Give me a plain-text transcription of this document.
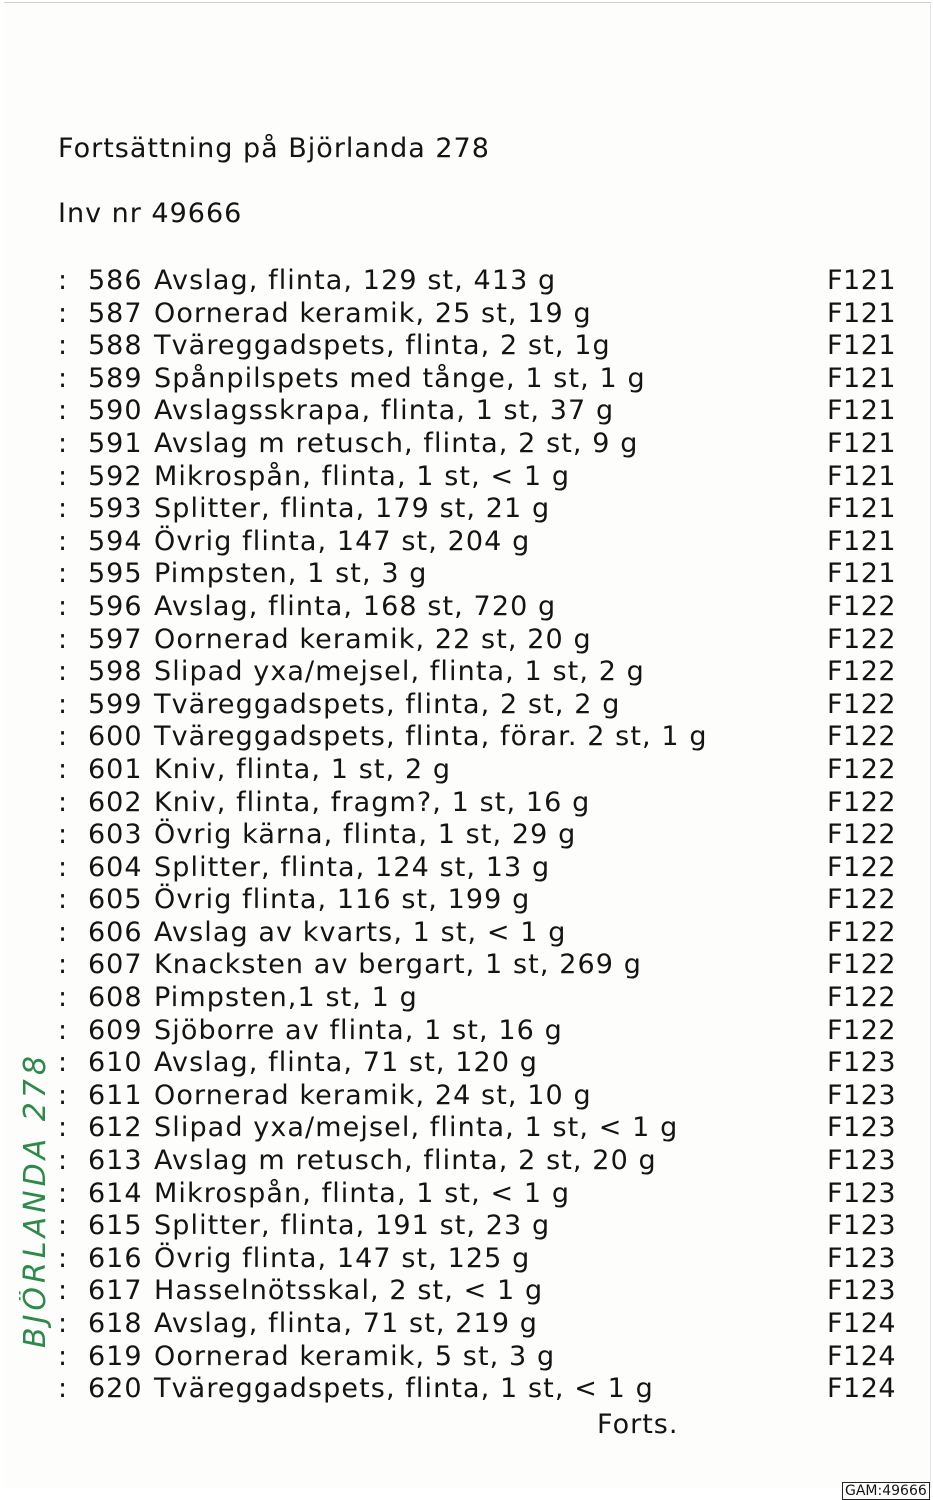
Fortsättning på Björlanda 278
Inv nr 49666
: 586 Avslag, flinta, 129 st, 413 g	F121
: 587 Oornerad keramik, 25 st, 19 g	F121
: 588 Tväreggadspets, flinta, 2 st, 1g	F121
: 589 Spånpilspets med tånge, 1 st, 1 g	F121
: 590 Avslagsskrapa, flinta, 1 st, 37 g	F121
: 591 Avslag m retusch, flinta, 2 st, 9 g	F121
: 592 Mikrospån, flinta, 1 st, < 1 g	F121
: 593 Splitter, flinta, 179 st, 21 g	F121
: 594 Övrig flinta, 147 st, 204 g	F121
: 595 Pimpsten, 1 st, 3 g	F121
: 596 Avslag, flinta, 168 st, 720 g	F122
: 597 Oornerad keramik, 22 st, 20 g	F122
: 598 Slipad yxa/mejsel, flinta, 1 st, 2 g	F122
: 599 Tväreggadspets, flinta, 2 st, 2 g	F122
: 600 Tväreggadspets, flinta, förar. 2 st, 1 g	F122
: 601 Kniv, flinta, 1 st, 2 g	F122
: 602 Kniv, flinta, fragm?, 1 st, 16 g	F122
: 603 Övrig kärna, flinta, 1 st, 29 g	F122
: 604 Splitter, flinta, 124 st, 13 g	F122
: 605 Övrig flinta, 116 st, 199 g	F122
: 606 Avslag av kvarts, 1 st, < 1 g	F122
: 607 Knacksten av bergart, 1 st, 269 g	F122
: 608 Pimpsten,1 st, 1 g	F122
: 609 Sjöborre av flinta, 1 st, 16 g	F122
: 610 Avslag, flinta, 71 st, 120 g	F123
: 611 Oornerad keramik, 24 st, 10 g	F123
: 612 Slipad yxa/mejsel, flinta, 1 st, < 1 g	F123
: 613 Avslag m retusch, flinta, 2 st, 20 g	F123
: 614 Mikrospån, flinta, 1 st, < 1 g	F123
: 615 Splitter, flinta, 191 st, 23 g	F123
: 616 Övrig flinta, 147 st, 125 g	F123
: 617 Hasselnötsskal, 2 st, < 1 g	F123
: 618 Avslag, flinta, 71 st, 219 g	F124
: 619 Oornerad keramik, 5 st, 3 g	F124
: 620 Tväreggadspets, flinta, 1 st, < 1 g	F124
Forts.
BJÖRLANDA 278
GAM:49666
